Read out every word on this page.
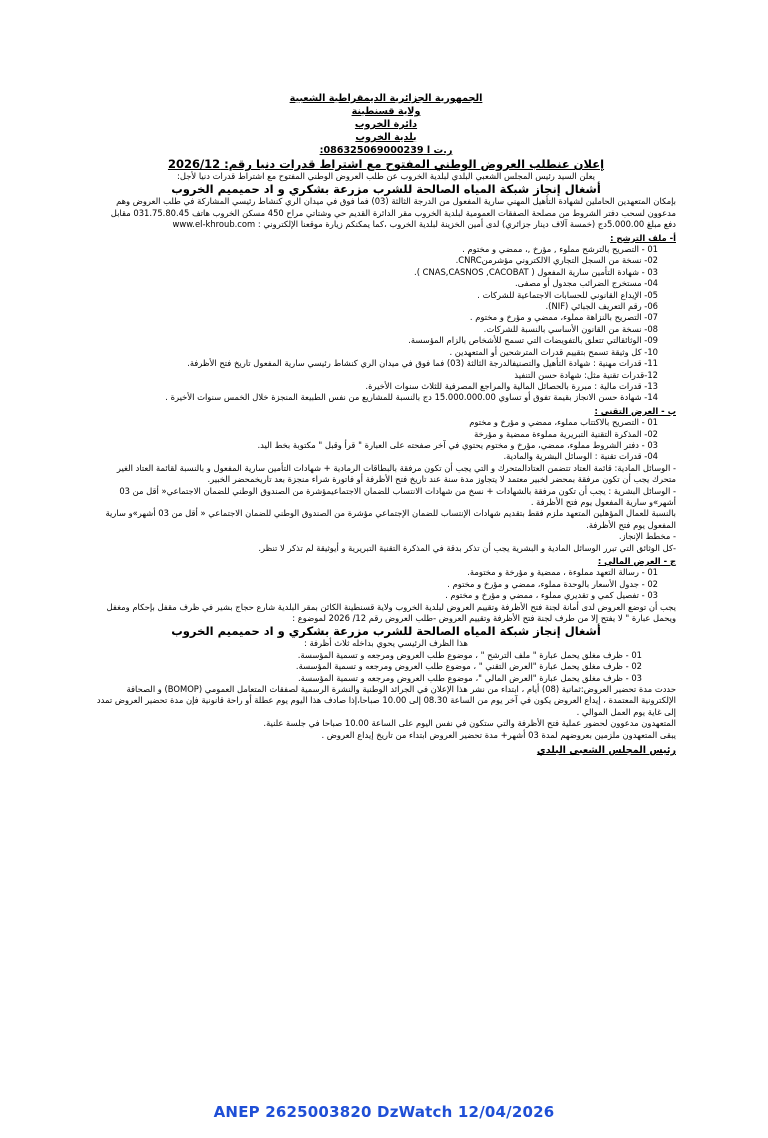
الجمهورية الجزائرية الديمقراطية الشعبية
ولاية قسنطينة
دائرة الخروب
بلدية الخروب
ر.ت ا 086325069000239:
إعلان عنطلب العروض الوطني المفتوح مع اشتراط قدرات دنيا رقم: 2026/12

يعلن السيد رئيس المجلس الشعبي البلدي لبلدية الخروب عن طلب العروض الوطني المفتوح مع اشتراط قدرات دنيا لأجل:

أشغال إنجاز شبكة المياه الصالحة للشرب مزرعة بشكري و اد حميميم الخروب

بإمكان المتعهدين الحاملين لشهادة التأهيل المهني سارية المفعول من الدرجة الثالثة (03) فما فوق في ميدان الري كنشاط رئيسي المشاركة في طلب العروض وهم مدعوون لسحب دفتر الشروط من مصلحة الصفقات العمومية لبلدية الخروب مقر الدائرة القديم حي وشتاتي مراح 450 مسكن الخروب هاتف 031.75.80.45 مقابل دفع مبلغ 5.000.00دج (خمسة آلاف دينار جزائري) لدى أمين الخزينة لبلدية الخروب ،كما يمكنكم زيارة موقعنا الإلكتروني : www.el-khroub.com

أ- ملف الترشح :

01 - التصريح بالترشح مملوء , مؤرخ ,، ممضي و مختوم .

02- نسخة من السجل التجاري الالكتروني مؤشرمنCNRC.

03 - شهادة التأمين سارية المفعول ( CNAS,CASNOS ,CACOBAT ).

04- مستخرج الضرائب مجدول أو مصفى.

05- الإيداع القانوني للحسابات الاجتماعية للشركات .

06- رقم التعريف الجبائي (NIF).

07- التصريح بالنزاهة مملوء، ممضي و مؤرخ و مختوم .

08- نسخة من القانون الأساسي بالنسبة للشركات.

09- الوثائقالتي تتعلق بالتفويضات التي تسمح للأشخاص بالزام المؤسسة.

10- كل وثيقة تسمح بتقييم قدرات المترشحين أو المتعهدين .

11- قدرات مهنية : شهادة التأهيل والتصنيفالدرجة الثالثة (03) فما فوق في ميدان الري كنشاط رئيسي سارية المفعول تاريخ فتح الأظرفة.

12-قدرات تقنية مثل: شهادة حسن التنفيذ

13- قدرات مالية : مبررة بالحصائل المالية والمراجع المصرفية للثلاث سنوات الأخيرة.

14- شهادة حسن الانجاز بقيمة تفوق أو تساوي 15.000.000.00 دج بالنسبة للمشاريع من نفس الطبيعة المنجزة خلال الخمس سنوات الأخيرة .

ب - العرض التقني :

01 - التصريح بالاكتتاب مملوء، ممضي و مؤرخ و مختوم

02- المذكرة التقنية التبريرية مملوءة ممضية و مؤرخة

03 - دفتر الشروط مملوء، ممضي، مؤرخ و مختوم يحتوي في آخر صفحته على العبارة " قرأ وقبل " مكتوبة بخط اليد.

04- قدرات تقنية : الوسائل البشرية والمادية.

- الوسائل المادية: قائمة العتاد تتضمن العتادالمتحرك و التي يجب أن تكون مرفقة بالبطاقات الرمادية + شهادات التأمين سارية المفعول و بالنسبة لقائمة العتاد الغير متحرك يجب أن تكون مرفقة بمحضر لخبير معتمد لا يتجاوز مدة سنة عند تاريخ فتح الأظرفة أو فاتورة شراء منجزة بعد تاريخمحضر الخبير.

- الوسائل البشرية : يجب أن تكون مرفقة بالشهادات + نسخ من شهادات الانتساب للضمان الاجتماعيمؤشرة من الصندوق الوطني للضمان الاجتماعي« أقل من 03 أشهر»و سارية المفعول يوم فتح الأظرفة .

بالنسبة للعمال المؤهلين المتعهد ملزم فقط بتقديم شهادات الإنتساب للضمان الإجتماعي مؤشرة من الصندوق الوطني للضمان الاجتماعي « أقل من 03 أشهر»و سارية المفعول يوم فتح الأظرفة.

- مخطط الإنجاز.

-كل الوثائق التي تبرر الوسائل المادية و البشرية يجب أن تذكر بدقة في المذكرة التقنية التبريرية و أيوثيقة لم تذكر لا تنظر.

ج - العرض المالي :

01 - رسالة التعهد مملوءة ، ممضية و مؤرخة و مختومة.

02 - جدول الأسعار بالوحدة مملوء، ممضي و مؤرخ و مختوم .

03 - تفصيل كمي و تقديري مملوء ، ممضي و مؤرخ و مختوم .

يجب أن توضع العروض لدى أمانة لجنة فتح الأظرفة وتقييم العروض لبلدية الخروب ولاية قسنطينة الكائن بمقر البلدية شارع حجاج بشير في ظرف مقفل بإحكام ومغفل ويحمل عبارة " لا يفتح إلا من طرف لجنة فتح الأظرفة وتقييم العروض -طلب العروض رقم 12/ 2026 لموضوع :

أشغال إنجاز شبكة المياه الصالحة للشرب مزرعة بشكري و اد حميميم الخروب

هذا الظرف الرئيسي يحوي بداخله ثلاث أظرفة :

01 - ظرف مغلق يحمل عبارة " ملف الترشح " ، موضوع طلب العروض ومرجعه و تسمية المؤسسة.

02 - ظرف مغلق يحمل عبارة "العرض التقني " ، موضوع طلب العروض ومرجعه و تسمية المؤسسة.

03 - ظرف مغلق يحمل عبارة "العرض المالي "، موضوع طلب العروض ومرجعه و تسمية المؤسسة.

حددت مدة تحضير العروض:ثمانية (08) أيام ، ابتداء من نشر هذا الإعلان في الجرائد الوطنية والنشرة الرسمية لصفقات المتعامل العمومي (BOMOP) و الصحافة الإلكترونية المعتمدة ، إيداع العروض يكون في آخر يوم من الساعة 08.30 إلى 10.00 صباحا،إذا صادف هذا اليوم يوم عطلة أو راحة قانونية فإن مدة تحضير العروض تمدد إلى غاية يوم العمل الموالي .

المتعهدون مدعوون لحضور عملية فتح الأظرفة والتي ستكون في نفس اليوم على الساعة 10.00 صباحا في جلسة علنية.

يبقى المتعهدون ملزمين بعروضهم لمدة 03 أشهر+ مدة تحضير العروض ابتداء من تاريخ إيداع العروض .

رئيس المجلس الشعبي البلدي
ANEP 2625003820 DzWatch 12/04/2026
